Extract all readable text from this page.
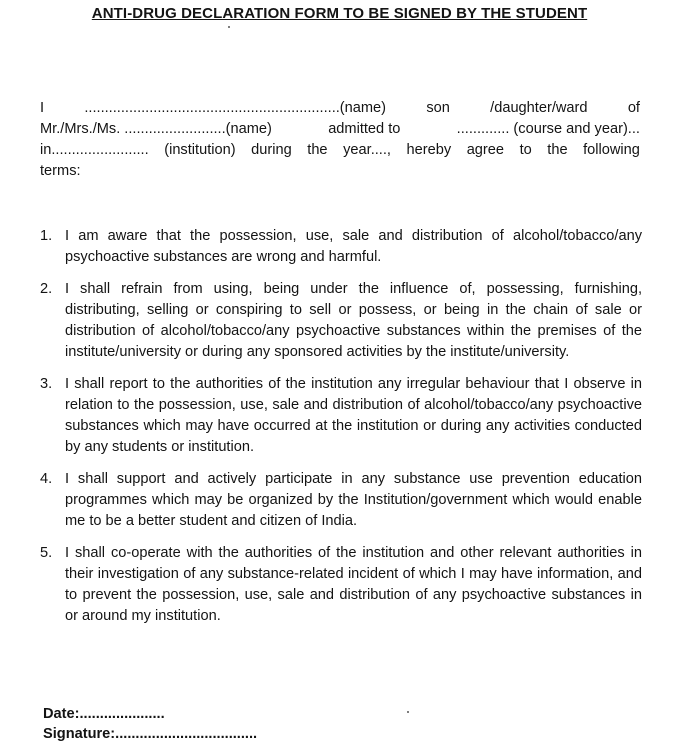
ANTI-DRUG DECLARATION FORM TO BE SIGNED BY THE STUDENT
I	...............................................................(name)	son	/daughter/ward	of
Mr./Mrs./Ms. .........................(name)	admitted to	............. (course and year)...
in........................ (institution) during the year...., hereby agree to the following
terms:
1. I am aware that the possession, use, sale and distribution of alcohol/tobacco/any psychoactive substances are wrong and harmful.
2. I shall refrain from using, being under the influence of, possessing, furnishing, distributing, selling or conspiring to sell or possess, or being in the chain of sale or distribution of alcohol/tobacco/any psychoactive substances within the premises of the institute/university or during any sponsored activities by the institute/university.
3. I shall report to the authorities of the institution any irregular behaviour that I observe in relation to the possession, use, sale and distribution of alcohol/tobacco/any psychoactive substances which may have occurred at the institution or during any activities conducted by any students or institution.
4. I shall support and actively participate in any substance use prevention education programmes which may be organized by the Institution/government which would enable me to be a better student and citizen of India.
5. I shall co-operate with the authorities of the institution and other relevant authorities in their investigation of any substance-related incident of which I may have information, and to prevent the possession, use, sale and distribution of any psychoactive substances in or around my institution.
Date:.....................
Signature:...................................
